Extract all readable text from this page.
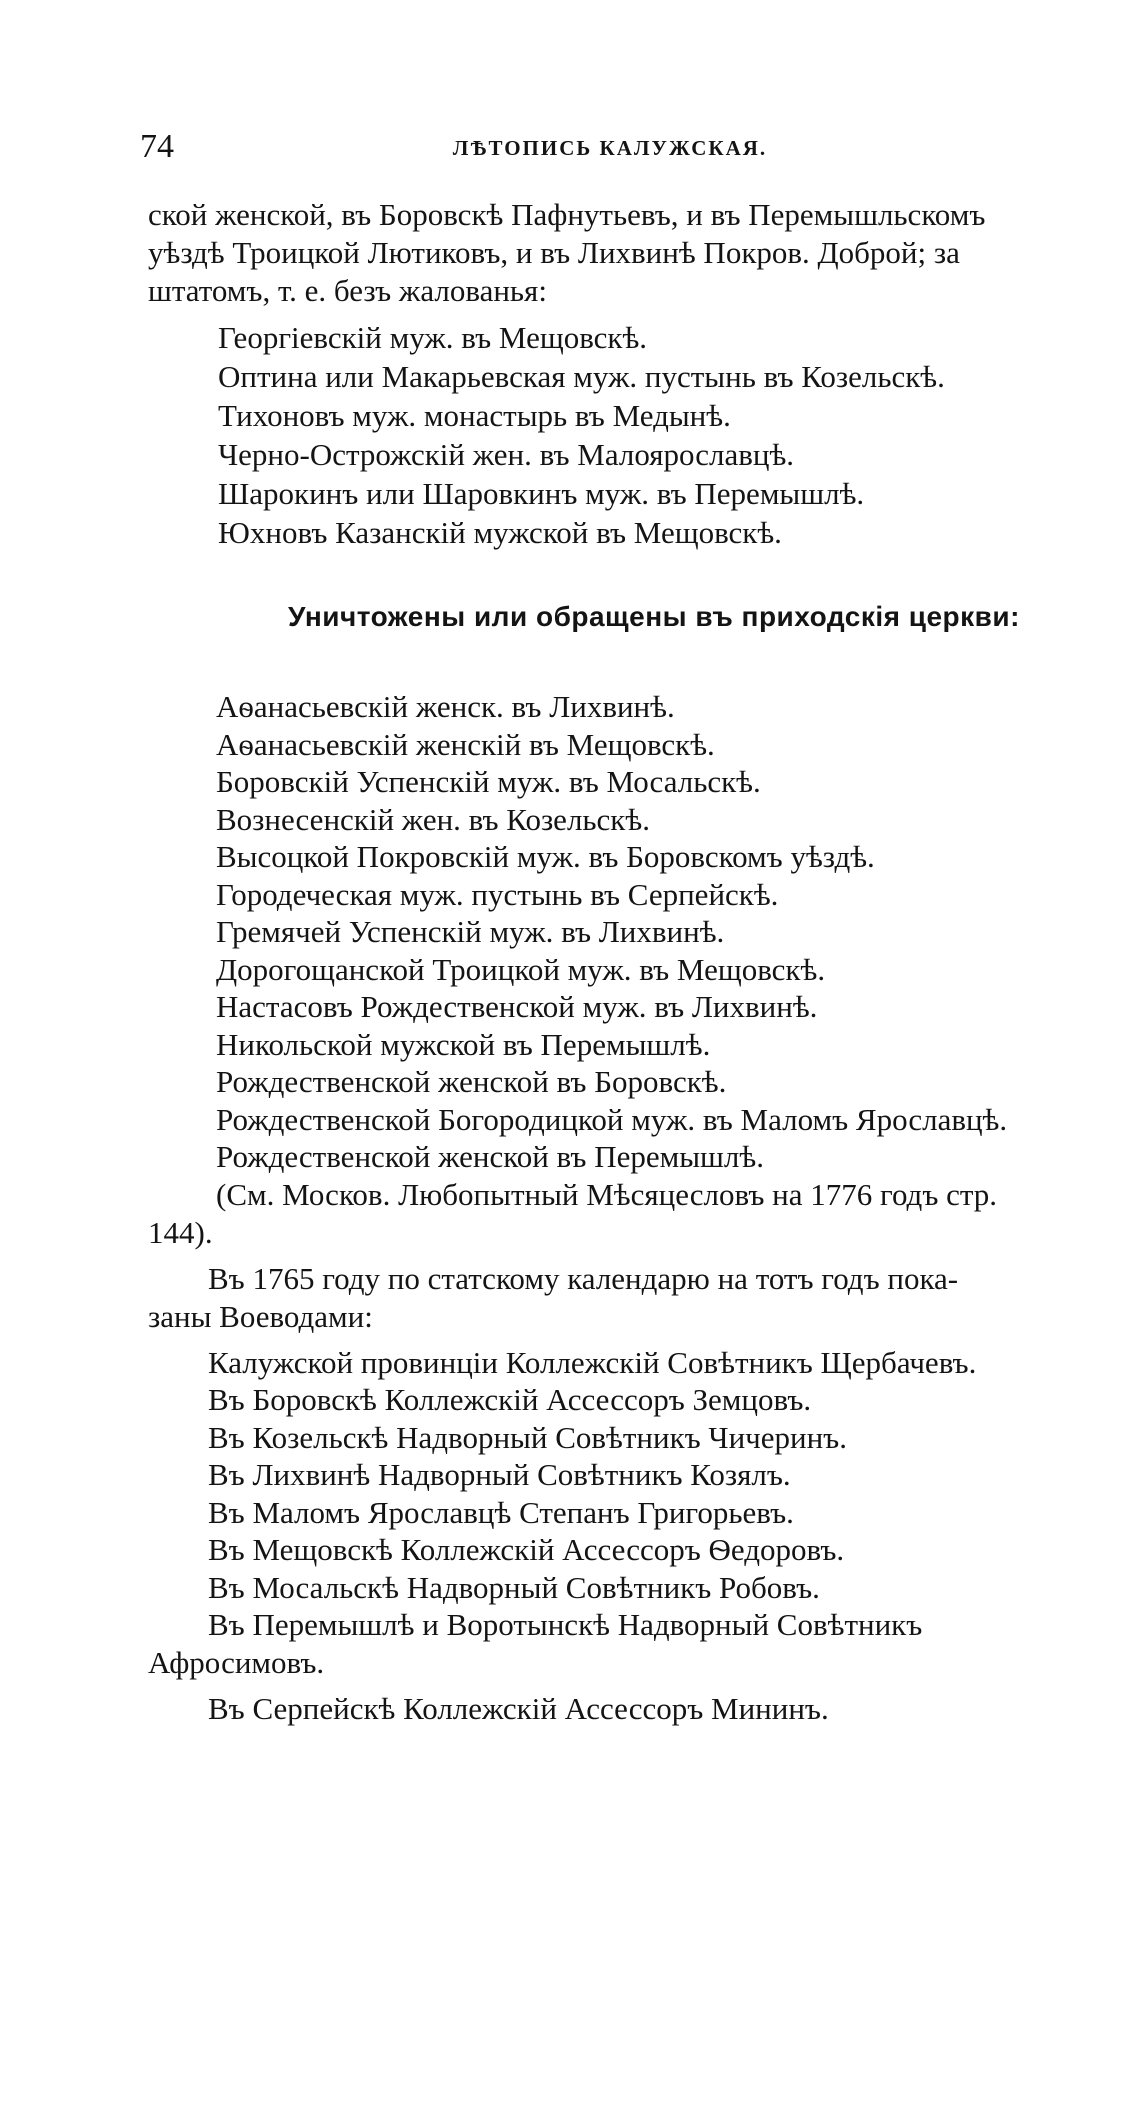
74	ЛѢТОПИСЬ КАЛУЖСКАЯ.
ской женской, въ Боровскѣ Пафнутьевъ, и въ Перемышльскомъ
уѣздѣ Троицкой Лютиковъ, и въ Лихвинѣ Покров. Доброй; за
штатомъ, т. е. безъ жалованья:
Георгіевскій муж. въ Мещовскѣ.
Оптина или Макарьевская муж. пустынь въ Козельскѣ.
Тихоновъ муж. монастырь въ Медынѣ.
Черно-Острожскій жен. въ Малоярославцѣ.
Шарокинъ или Шаровкинъ муж. въ Перемышлѣ.
Юхновъ Казанскій мужской въ Мещовскѣ.
Уничтожены или обращены въ приходскія церкви:
Аѳанасьевскій женск. въ Лихвинѣ.
Аѳанасьевскій женскій въ Мещовскѣ.
Боровскій Успенскій муж. въ Мосальскѣ.
Вознесенскій жен. въ Козельскѣ.
Высоцкой Покровскій муж. въ Боровскомъ уѣздѣ.
Городеческая муж. пустынь въ Серпейскѣ.
Гремячей Успенскій муж. въ Лихвинѣ.
Дорогощанской Троицкой муж. въ Мещовскѣ.
Настасовъ Рождественской муж. въ Лихвинѣ.
Никольской мужской въ Перемышлѣ.
Рождественской женской въ Боровскѣ.
Рождественской Богородицкой муж. въ Маломъ Ярославцѣ.
Рождественской женской въ Перемышлѣ.
(См. Москов. Любопытный Мѣсяцесловъ на 1776 годъ стр.
144).
Въ 1765 году по статскому календарю на тотъ годъ пока-
заны Воеводами:
Калужской провинціи Коллежскій Совѣтникъ Щербачевъ.
Въ Боровскѣ Коллежскій Ассессоръ Земцовъ.
Въ Козельскѣ Надворный Совѣтникъ Чичеринъ.
Въ Лихвинѣ Надворный Совѣтникъ Козялъ.
Въ Маломъ Ярославцѣ Степанъ Григорьевъ.
Въ Мещовскѣ Коллежскій Ассессоръ Ѳедоровъ.
Въ Мосальскѣ Надворный Совѣтникъ Робовъ.
Въ Перемышлѣ и Воротынскѣ Надворный Совѣтникъ
Афросимовъ.
Въ Серпейскѣ Коллежскій Ассессоръ Мининъ.
